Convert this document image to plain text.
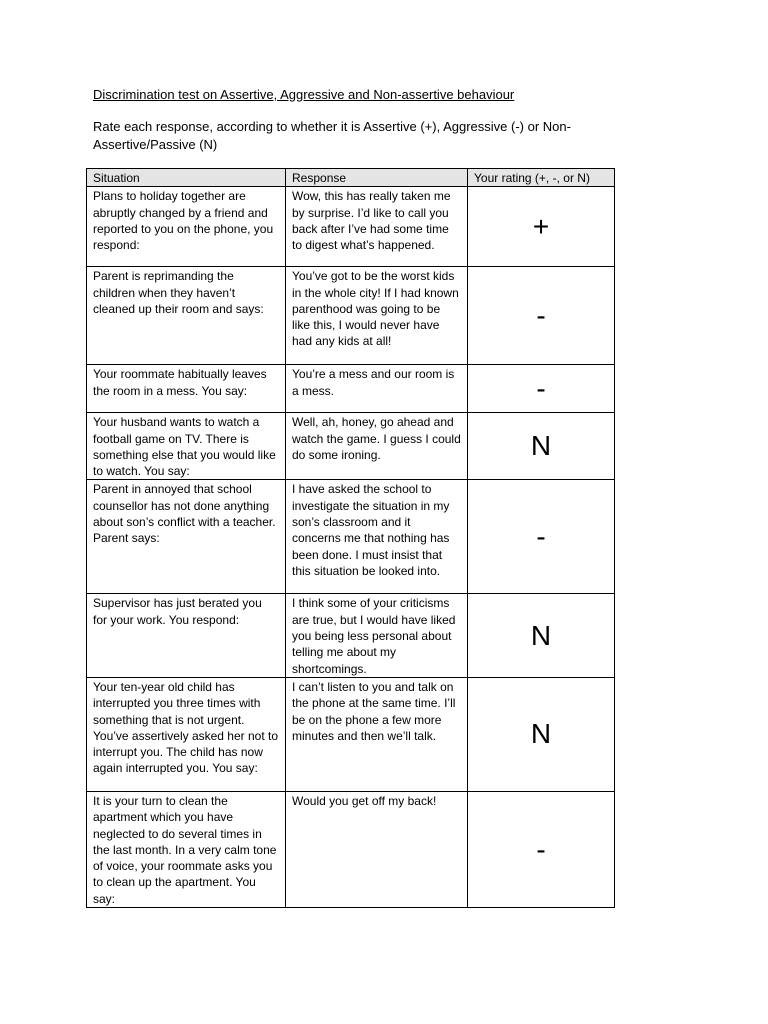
Discrimination test on Assertive, Aggressive and Non-assertive behaviour
Rate each response, according to whether it is Assertive (+), Aggressive (-) or Non-Assertive/Passive (N)
Situation	Response	Your rating (+, -, or N)
Plans to holiday together are abruptly changed by a friend and reported to you on the phone, you respond:	Wow, this has really taken me by surprise. I’d like to call you back after I’ve had some time to digest what’s happened.	+
Parent is reprimanding the children when they haven’t cleaned up their room and says:	You’ve got to be the worst kids in the whole city! If I had known parenthood was going to be like this, I would never have had any kids at all!	-
Your roommate habitually leaves the room in a mess. You say:	You’re a mess and our room is a mess.	-
Your husband wants to watch a football game on TV. There is something else that you would like to watch. You say:	Well, ah, honey, go ahead and watch the game. I guess I could do some ironing.	N
Parent in annoyed that school counsellor has not done anything about son’s conflict with a teacher. Parent says:	I have asked the school to investigate the situation in my son’s classroom and it concerns me that nothing has been done. I must insist that this situation be looked into.	-
Supervisor has just berated you for your work. You respond:	I think some of your criticisms are true, but I would have liked you being less personal about telling me about my shortcomings.	N
Your ten-year old child has interrupted you three times with something that is not urgent. You’ve assertively asked her not to interrupt you. The child has now again interrupted you. You say:	I can’t listen to you and talk on the phone at the same time. I’ll be on the phone a few more minutes and then we’ll talk.	N
It is your turn to clean the apartment which you have neglected to do several times in the last month. In a very calm tone of voice, your roommate asks you to clean up the apartment. You say:	Would you get off my back!	-
